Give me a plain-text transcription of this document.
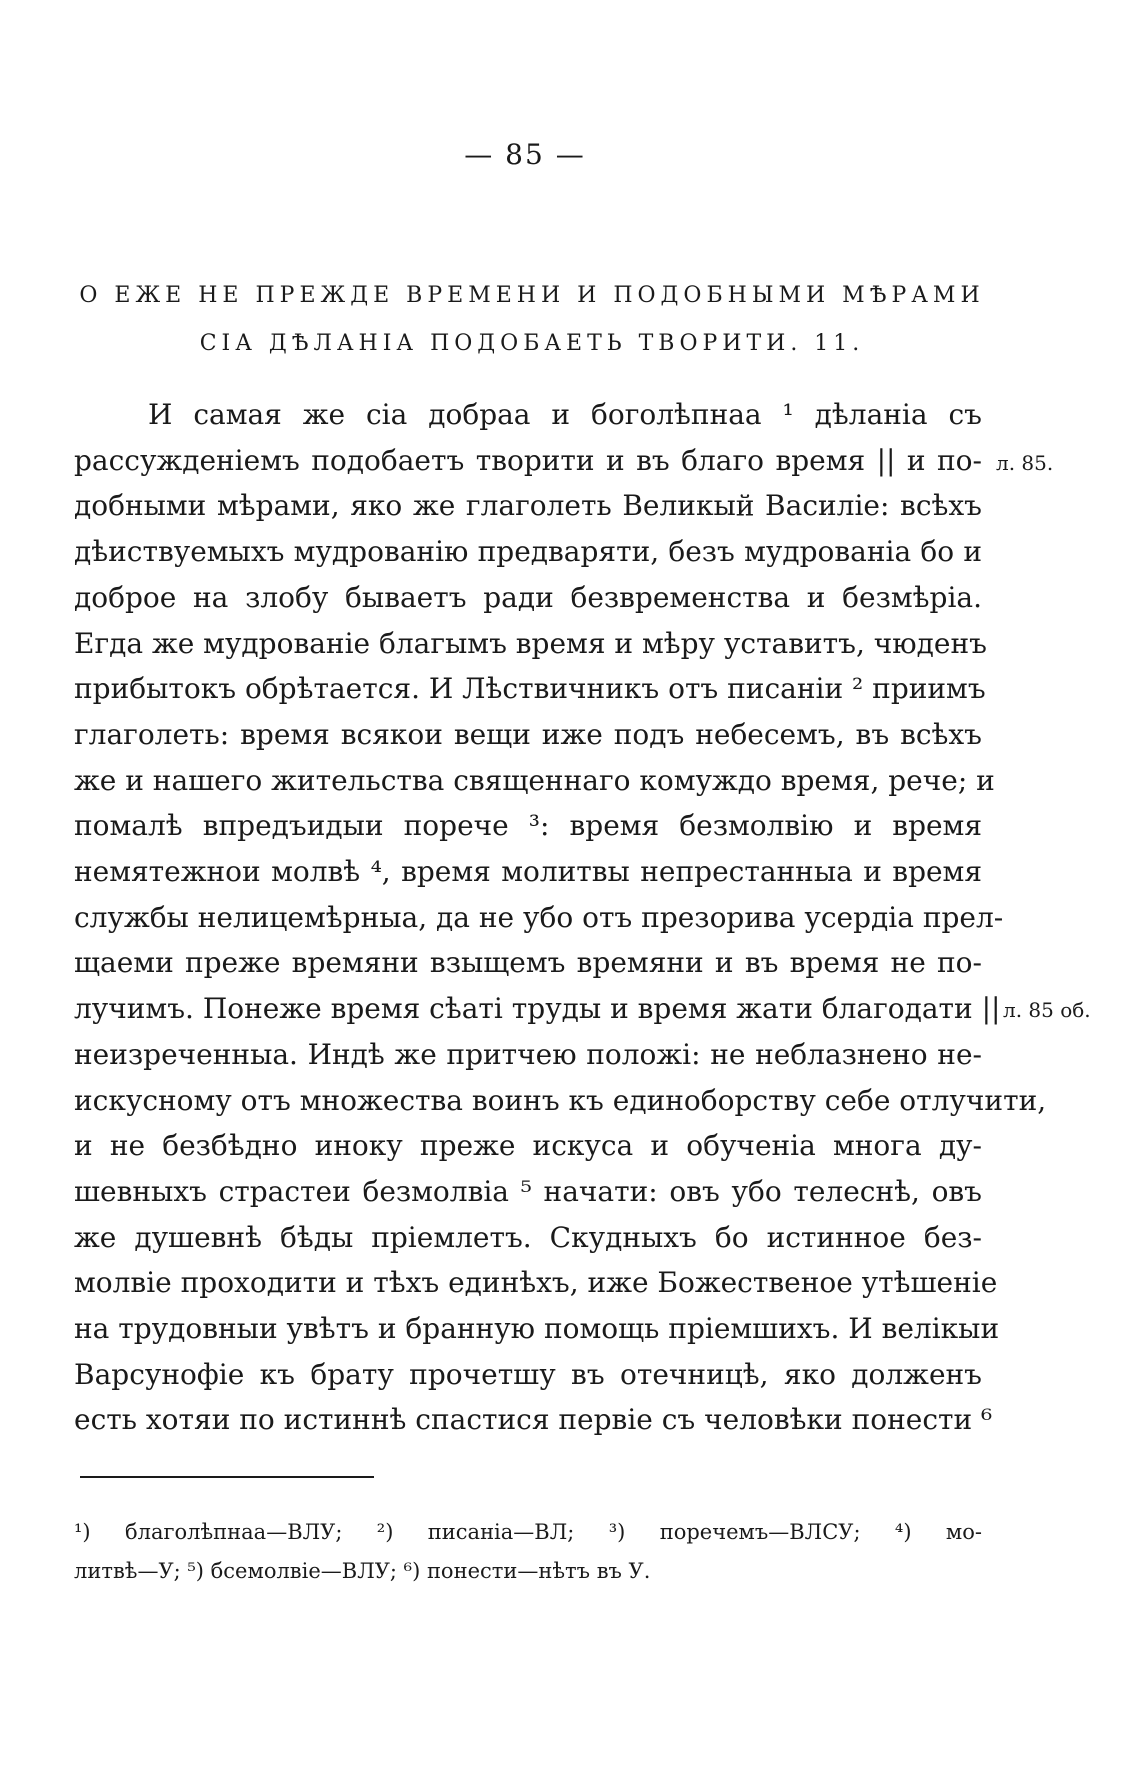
— 85 —
О ЕЖЕ НЕ ПРЕЖДЕ ВРЕМЕНИ И ПОДОБНЫМИ МѢРАМИ
СІА ДѢЛАНІА ПОДОБАЕТЬ ТВОРИТИ. 11.
И самая же сіа добраа и боголѣпнаа ¹ дѣланіа съ
рассужденіемъ подобаетъ творити и въ благо время || и по-
добными мѣрами, яко же глаголеть Великый Василіе: всѣхъ
дѣиствуемыхъ мудрованію предваряти, безъ мудрованіа бо и
доброе на злобу бываетъ ради безвременства и безмѣріа.
Егда же мудрованіе благымъ время и мѣру уставитъ, чюденъ
прибытокъ обрѣтается. И Лѣствичникъ отъ писаніи ² приимъ
глаголеть: время всякои вещи иже подъ небесемъ, въ всѣхъ
же и нашего жительства священнаго комуждо время, рече; и
помалѣ впредъидыи порече ³: время безмолвію и время
немятежнои молвѣ ⁴, время молитвы непрестанныа и время
службы нелицемѣрныа, да не убо отъ презорива усердіа прел-
щаеми преже времяни взыщемъ времяни и въ время не по-
лучимъ. Понеже время сѣаті труды и время жати благодати ||
неизреченныа. Индѣ же притчею положі: не неблазнено не-
искусному отъ множества воинъ къ единоборству себе отлучити,
и не безбѣдно иноку преже искуса и обученіа многа ду-
шевныхъ страстеи безмолвіа ⁵ начати: овъ убо телеснѣ, овъ
же душевнѣ бѣды пріемлетъ. Скудныхъ бо истинное без-
молвіе проходити и тѣхъ единѣхъ, иже Божественое утѣшеніе
на трудовныи увѣтъ и бранную помощь пріемшихъ. И велікыи
Варсунофіе къ брату прочетшу въ отечницѣ, яко долженъ
есть хотяи по истиннѣ спастися первіе съ человѣки понести ⁶
л. 85.
л. 85 об.
¹) благолѣпнаа—ВЛУ; ²) писаніа—ВЛ; ³) поречемъ—ВЛСУ; ⁴) мо-
литвѣ—У; ⁵) бсемолвіе—ВЛУ; ⁶) понести—нѣтъ въ У.
